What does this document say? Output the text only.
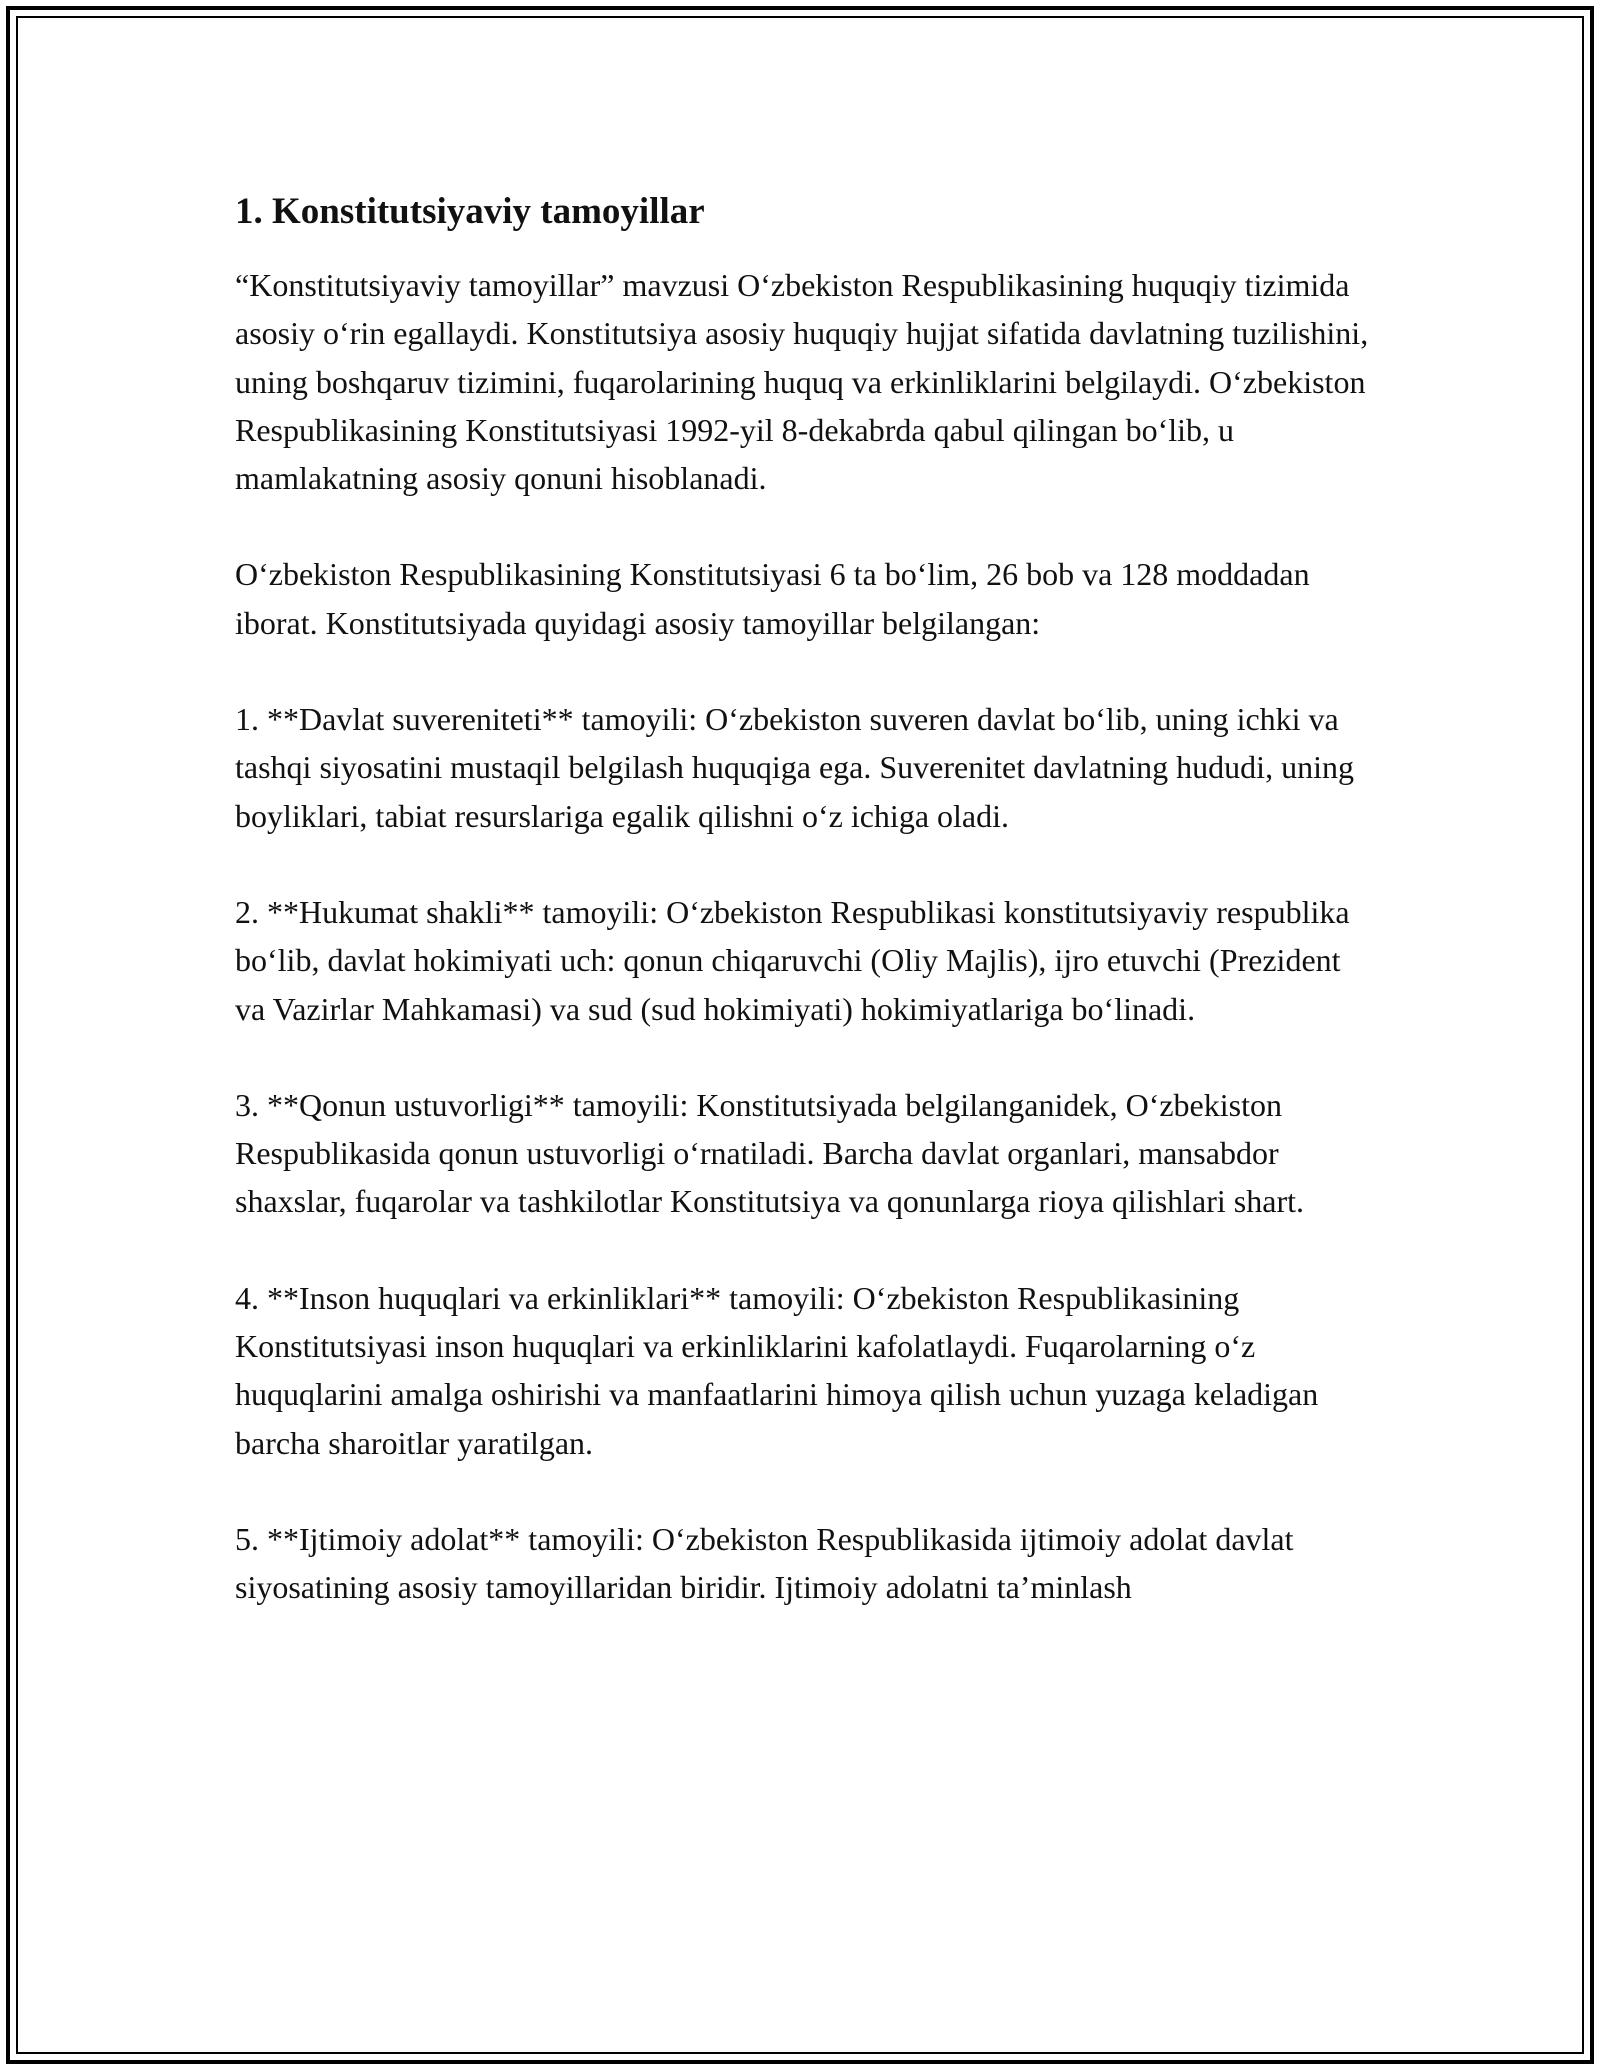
1. Konstitutsiyaviy tamoyillar

“Konstitutsiyaviy tamoyillar” mavzusi O‘zbekiston Respublikasining huquqiy tizimida asosiy o‘rin egallaydi. Konstitutsiya asosiy huquqiy hujjat sifatida davlatning tuzilishini, uning boshqaruv tizimini, fuqarolarining huquq va erkinliklarini belgilaydi. O‘zbekiston Respublikasining Konstitutsiyasi 1992-yil 8-dekabrda qabul qilingan bo‘lib, u mamlakatning asosiy qonuni hisoblanadi.

O‘zbekiston Respublikasining Konstitutsiyasi 6 ta bo‘lim, 26 bob va 128 moddadan iborat. Konstitutsiyada quyidagi asosiy tamoyillar belgilangan:

1. **Davlat suvereniteti** tamoyili: O‘zbekiston suveren davlat bo‘lib, uning ichki va tashqi siyosatini mustaqil belgilash huquqiga ega. Suverenitet davlatning hududi, uning boyliklari, tabiat resurslariga egalik qilishni o‘z ichiga oladi.

2. **Hukumat shakli** tamoyili: O‘zbekiston Respublikasi konstitutsiyaviy respublika bo‘lib, davlat hokimiyati uch: qonun chiqaruvchi (Oliy Majlis), ijro etuvchi (Prezident va Vazirlar Mahkamasi) va sud (sud hokimiyati) hokimiyatlariga bo‘linadi.

3. **Qonun ustuvorligi** tamoyili: Konstitutsiyada belgilanganidek, O‘zbekiston Respublikasida qonun ustuvorligi o‘rnatiladi. Barcha davlat organlari, mansabdor shaxslar, fuqarolar va tashkilotlar Konstitutsiya va qonunlarga rioya qilishlari shart.

4. **Inson huquqlari va erkinliklari** tamoyili: O‘zbekiston Respublikasining Konstitutsiyasi inson huquqlari va erkinliklarini kafolatlaydi. Fuqarolarning o‘z huquqlarini amalga oshirishi va manfaatlarini himoya qilish uchun yuzaga keladigan barcha sharoitlar yaratilgan.

5. **Ijtimoiy adolat** tamoyili: O‘zbekiston Respublikasida ijtimoiy adolat davlat siyosatining asosiy tamoyillaridan biridir. Ijtimoiy adolatni ta’minlash
